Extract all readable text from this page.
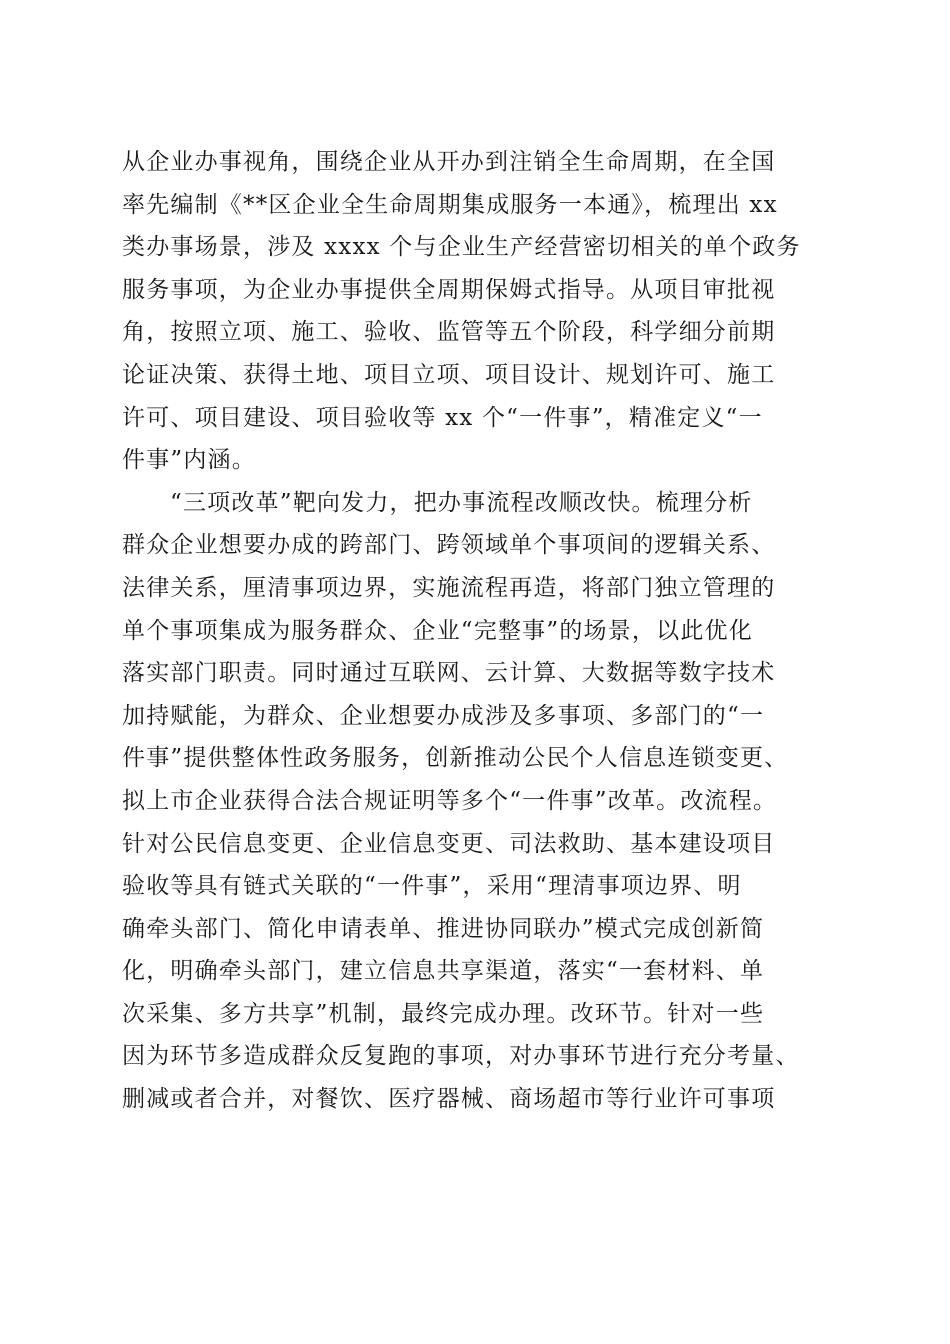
从企业办事视角，围绕企业从开办到注销全生命周期，在全国
率先编制《**区企业全生命周期集成服务一本通》，梳理出 xx
类办事场景，涉及 xxxx 个与企业生产经营密切相关的单个政务
服务事项，为企业办事提供全周期保姆式指导。从项目审批视
角，按照立项、施工、验收、监管等五个阶段，科学细分前期
论证决策、获得土地、项目立项、项目设计、规划许可、施工
许可、项目建设、项目验收等 xx 个“一件事”，精准定义“一
件事”内涵。
“三项改革”靶向发力，把办事流程改顺改快。梳理分析
群众企业想要办成的跨部门、跨领域单个事项间的逻辑关系、
法律关系，厘清事项边界，实施流程再造，将部门独立管理的
单个事项集成为服务群众、企业“完整事”的场景，以此优化
落实部门职责。同时通过互联网、云计算、大数据等数字技术
加持赋能，为群众、企业想要办成涉及多事项、多部门的“一
件事”提供整体性政务服务，创新推动公民个人信息连锁变更、
拟上市企业获得合法合规证明等多个“一件事”改革。改流程。
针对公民信息变更、企业信息变更、司法救助、基本建设项目
验收等具有链式关联的“一件事”，采用“理清事项边界、明
确牵头部门、简化申请表单、推进协同联办”模式完成创新简
化，明确牵头部门，建立信息共享渠道，落实“一套材料、单
次采集、多方共享”机制，最终完成办理。改环节。针对一些
因为环节多造成群众反复跑的事项，对办事环节进行充分考量、
删减或者合并，对餐饮、医疗器械、商场超市等行业许可事项
